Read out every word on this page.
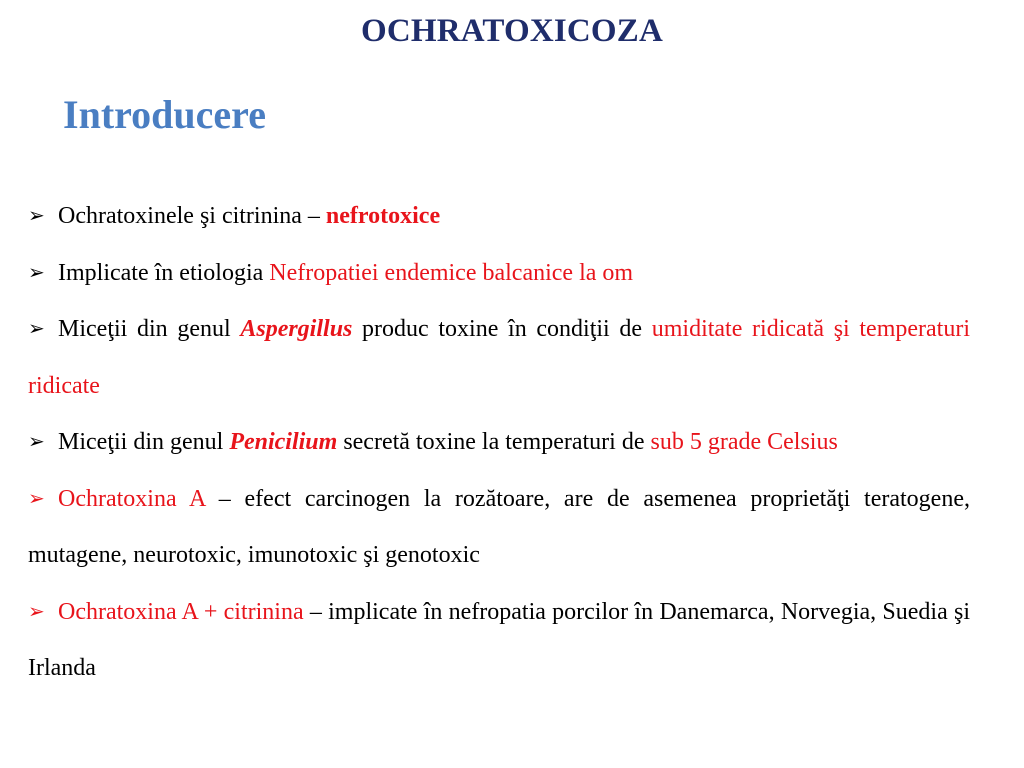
OCHRATOXICOZA
Introducere

➢ Ochratoxinele şi citrinina – nefrotoxice

➢ Implicate în etiologia Nefropatiei endemice balcanice la om

➢ Miceţii din genul Aspergillus produc toxine în condiţii de umiditate ridicată şi temperaturi ridicate

➢ Miceţii din genul Penicilium secretă toxine la temperaturi de sub 5 grade Celsius

➢ Ochratoxina A – efect carcinogen la rozătoare, are de asemenea proprietăţi teratogene, mutagene, neurotoxic, imunotoxic şi genotoxic

➢ Ochratoxina A + citrinina – implicate în nefropatia porcilor în Danemarca, Norvegia, Suedia şi Irlanda
